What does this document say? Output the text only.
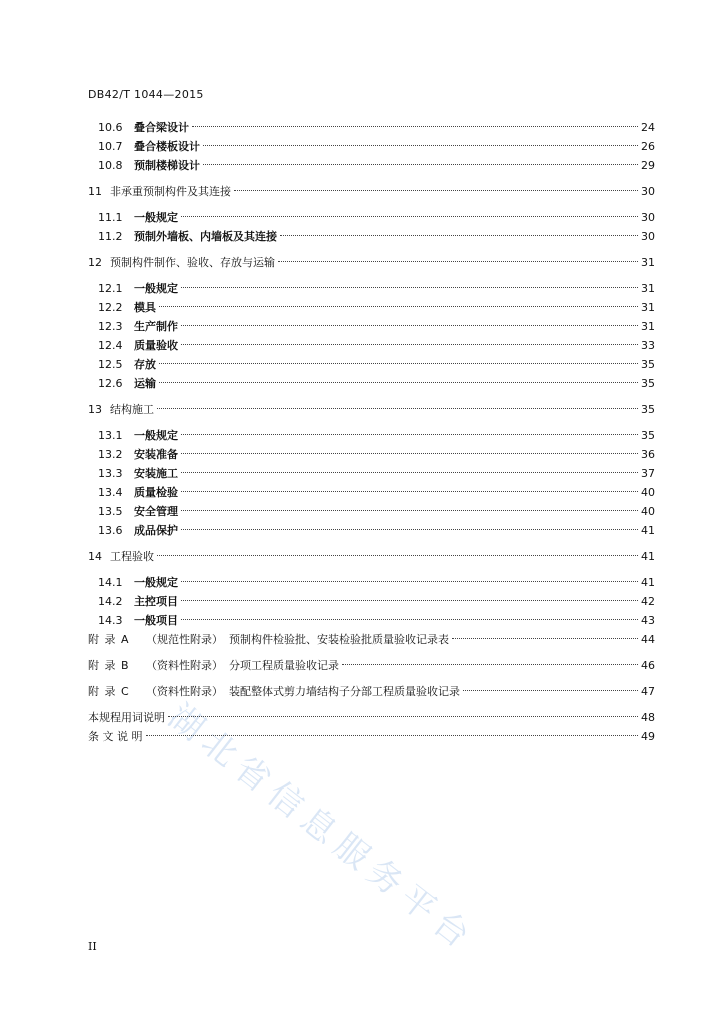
DB42/T 1044—2015
湖北省信息服务平台
10.6	叠合梁设计	24
10.7	叠合楼板设计	26
10.8	预制楼梯设计	29
11 非承重预制构件及其连接	30
11.1	一般规定	30
11.2	预制外墙板、内墙板及其连接	30
12 预制构件制作、验收、存放与运输	31
12.1	一般规定	31
12.2	模具	31
12.3	生产制作	31
12.4	质量验收	33
12.5	存放	35
12.6	运输	35
13 结构施工	35
13.1	一般规定	35
13.2	安装准备	36
13.3	安装施工	37
13.4	质量检验	40
13.5	安全管理	40
13.6	成品保护	41
14 工程验收	41
14.1	一般规定	41
14.2	主控项目	42
14.3	一般项目	43
附 录 A	（规范性附录） 预制构件检验批、安装检验批质量验收记录表	44
附 录 B	（资料性附录） 分项工程质量验收记录	46
附 录 C	（资料性附录） 装配整体式剪力墙结构子分部工程质量验收记录	47
本规程用词说明	48
条 文 说 明	49
II
